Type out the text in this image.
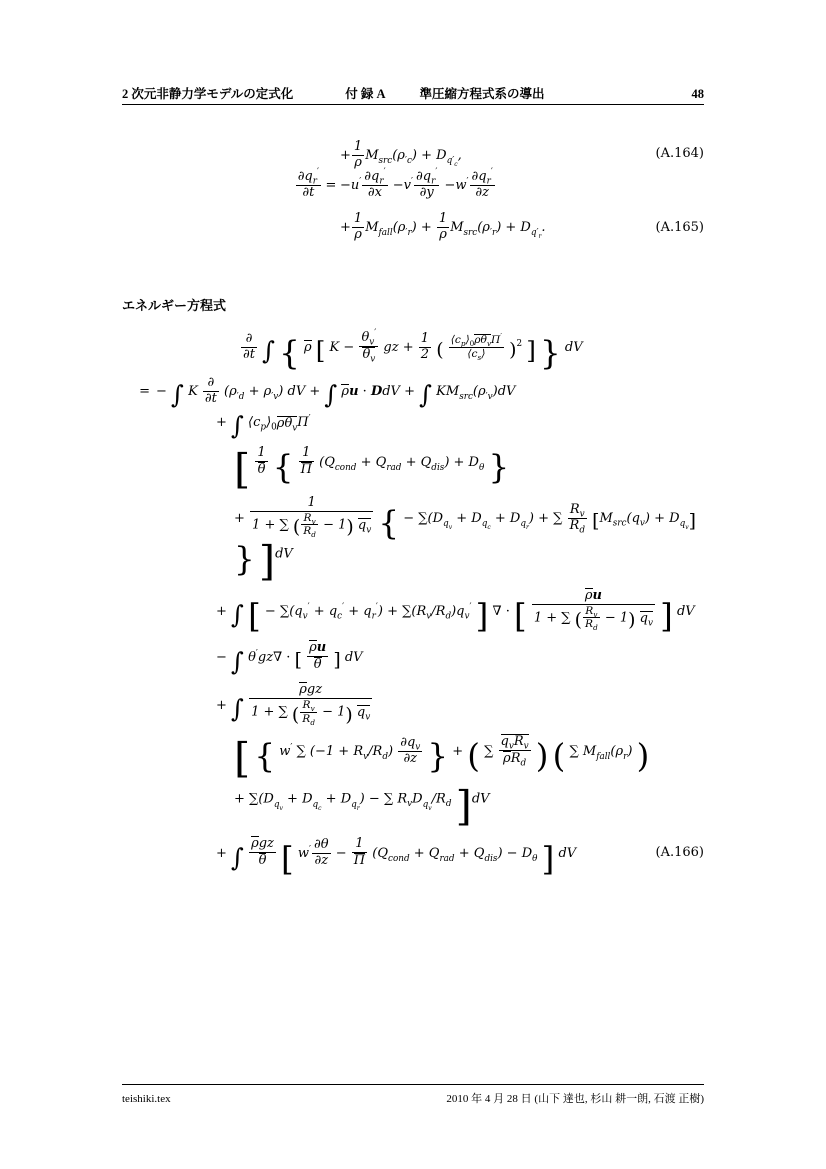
2 次元非静力学モデルの定式化	付 録 A	準圧縮方程式系の導出	48
+ $\frac{1}{\rho} M_{src}(\rho_{'c}) + D_{q'_c}$,	(A.164)
$\frac{\partial q_r'}{\partial t} = -u' \frac{\partial q_r'}{\partial x} -v' \frac{\partial q_r'}{\partial y} -w' \frac{\partial q_r'}{\partial z}$
+ $\frac{1}{\rho} M_{fall}(\rho_{'r}) + \frac{1}{\rho} M_{src}(\rho_{'r}) + D_{q'_r}$.	(A.165)
エネルギー方程式
$\frac{\partial}{\partial t}$ ∫ { ρ [ $K - \frac{\theta_v'}{\theta_v}$ gz + $\frac{1}{2}$ ( $\frac{⟨c_p⟩_0\rho\theta_v\Pi'}{⟨c_s⟩} )^2$ ] } dV
= − ∫ K $\frac{\partial}{\partial t} (\rho_{'d} + \rho_{'v})$ dV + ∫ ρu · DdV + ∫ $KM_{src}(\rho_{'v})dV$
+ ∫ $⟨c_p⟩_0\rho\theta_v\Pi'$
[ $\frac{1}{\theta}$ { $\frac{1}{\Pi} (Q_{cond} + Q_{rad} + Q_{dis}) + D_\theta$ }
+ $\frac{1}{1 + \sum ( \frac{R_v}{R_d} - 1) q_v}$ { − $\sum(D_{q_v} + D_{q_c} + D_{q_r})$ + ∑ $\frac{R_v}{R_d} [M_{src}(q_v) + D_{q_v}]$ } ]dV
+ ∫ [ − $\sum(q_v' + q_c' + q_r') + \sum(R_v/R_d)q_v'$ ] ∇ · [ $\frac{\rho u}{1 + \sum ( \frac{R_v}{R_d} - 1) q_v}$ ] dV
− ∫ θ′gz∇ · [ $\frac{\rho u}{\theta}$ ] dV
+ ∫ $\frac{\text{ρgz}}{1 + \sum ( \frac{R_v}{R_d} - 1) q_v}$
[ { w′ ∑ $(-1 + R_v/R_d) \frac{\partial q_v}{\partial z}$ } + ( ∑ $\frac{q_vR_v}{\rho R_d}$ ) ( ∑ $M_{fall}(\rho_r)$ )
+ $\sum(D_{q_v} + D_{q_c} + D_{q_r})$ − ∑ $R_vD_{q_v}/R_d$ ]dV
+ ∫ $\frac{\text{ρgz}}{\theta}$ [ $w' \frac{\partial\theta}{\partial z} - \frac{1}{\Pi} (Q_{cond} + Q_{rad} + Q_{dis}) - D_\theta$ ] dV	(A.166)
teishiki.tex	2010 年 4 月 28 日 (山下 達也, 杉山 耕一朗, 石渡 正樹)
